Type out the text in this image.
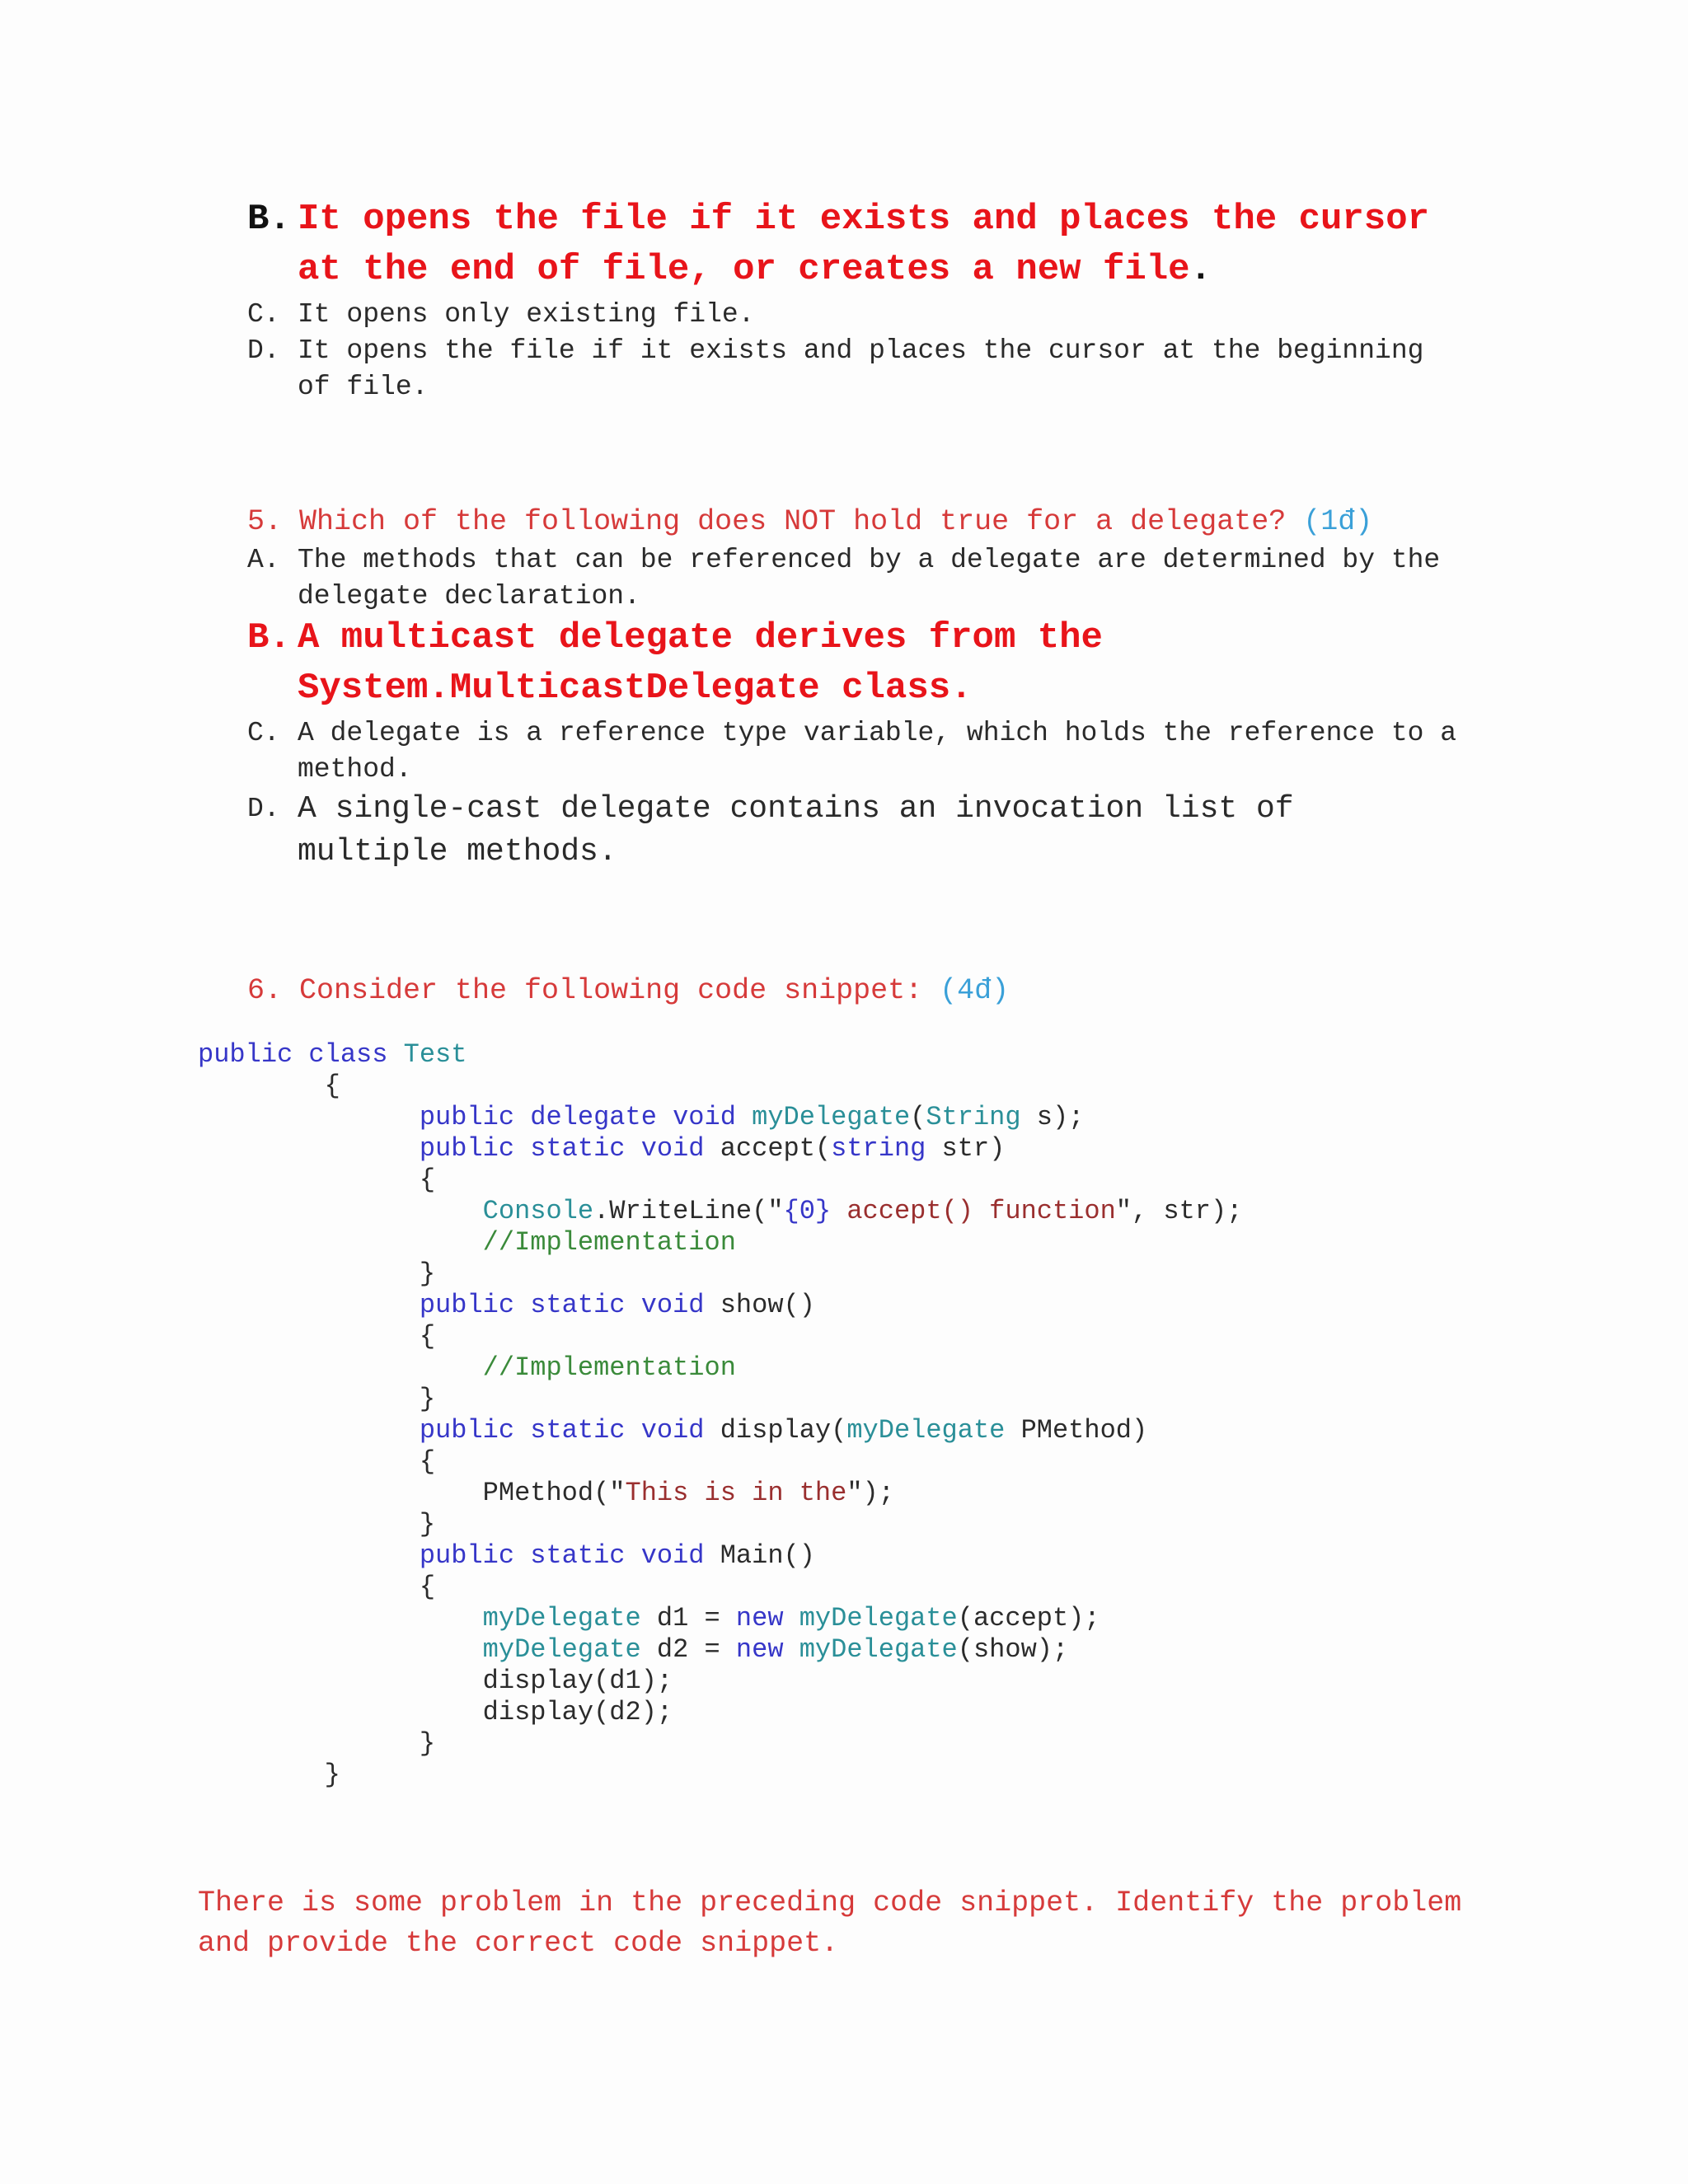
B. It opens the file if it exists and places the cursor at the end of file, or creates a new file.
C. It opens only existing file.
D. It opens the file if it exists and places the cursor at the beginning of file.
5. Which of the following does NOT hold true for a delegate? (1đ)
A. The methods that can be referenced by a delegate are determined by the delegate declaration.
B. A multicast delegate derives from the System.MulticastDelegate class.
C. A delegate is a reference type variable, which holds the reference to a method.
D. A single-cast delegate contains an invocation list of multiple methods.
6. Consider the following code snippet: (4đ)
public class Test
{
public delegate void myDelegate(String s);
public static void accept(string str)
{
Console.WriteLine("{0} accept() function", str);
//Implementation
}
public static void show()
{
//Implementation
}
public static void display(myDelegate PMethod)
{
PMethod("This is in the");
}
public static void Main()
{
myDelegate d1 = new myDelegate(accept);
myDelegate d2 = new myDelegate(show);
display(d1);
display(d2);
}
}
There is some problem in the preceding code snippet. Identify the problem and provide the correct code snippet.
